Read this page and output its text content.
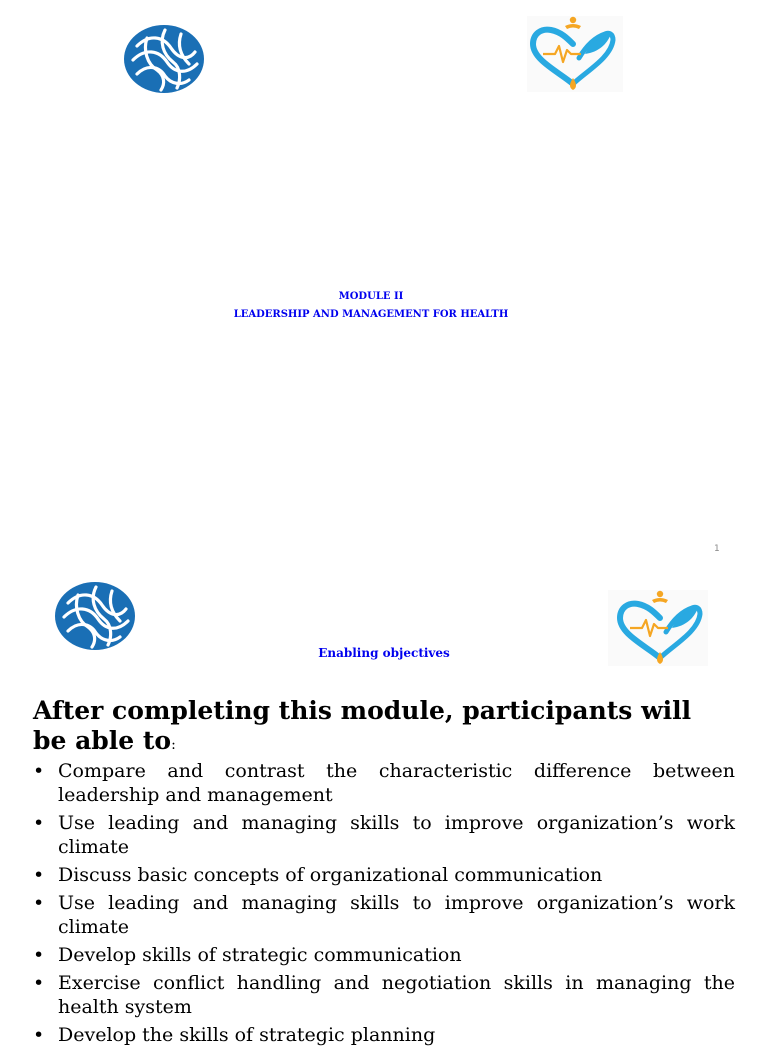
MODULE II
LEADERSHIP AND MANAGEMENT FOR HEALTH
1
Enabling objectives

After completing this module, participants will be able to:

• Compare and contrast the characteristic difference between leadership and management
• Use leading and managing skills to improve organization’s work climate
• Discuss basic concepts of organizational communication
• Use leading and managing skills to improve organization’s work climate
• Develop skills of strategic communication
• Exercise conflict handling and negotiation skills in managing the health system
• Develop the skills of strategic planning
